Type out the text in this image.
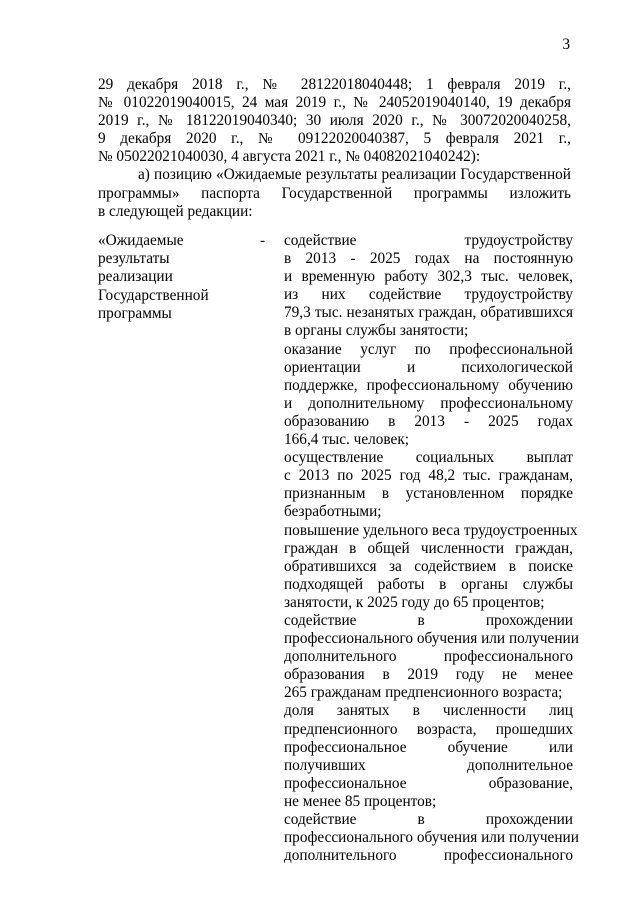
3
29 декабря 2018 г., № 28122018040448; 1 февраля 2019 г.,
№ 01022019040015, 24 мая 2019 г., № 24052019040140, 19 декабря
2019 г., № 18122019040340; 30 июля 2020 г., № 30072020040258,
9 декабря 2020 г., № 09122020040387, 5 февраля 2021 г.,
№ 05022021040030, 4 августа 2021 г., № 04082021040242):
а) позицию «Ожидаемые результаты реализации Государственной
программы» паспорта Государственной программы изложить
в следующей редакции:
«Ожидаемые
результаты
реализации
Государственной
программы
- содействие трудоустройству
в 2013 - 2025 годах на постоянную
и временную работу 302,3 тыс. человек,
из них содействие трудоустройству
79,3 тыс. незанятых граждан, обратившихся
в органы службы занятости;
оказание услуг по профессиональной
ориентации и психологической
поддержке, профессиональному обучению
и дополнительному профессиональному
образованию в 2013 - 2025 годах
166,4 тыс. человек;
осуществление социальных выплат
с 2013 по 2025 год 48,2 тыс. гражданам,
признанным в установленном порядке
безработными;
повышение удельного веса трудоустроенных
граждан в общей численности граждан,
обратившихся за содействием в поиске
подходящей работы в органы службы
занятости, к 2025 году до 65 процентов;
содействие в прохождении
профессионального обучения или получении
дополнительного профессионального
образования в 2019 году не менее
265 гражданам предпенсионного возраста;
доля занятых в численности лиц
предпенсионного возраста, прошедших
профессиональное обучение или
получивших дополнительное
профессиональное образование,
не менее 85 процентов;
содействие в прохождении
профессионального обучения или получении
дополнительного профессионального
